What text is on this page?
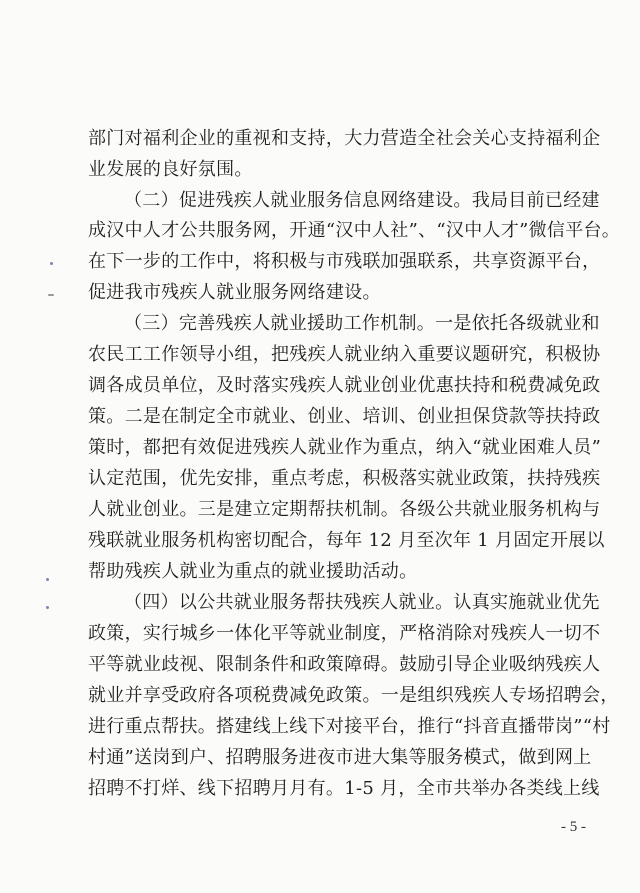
部门对福利企业的重视和支持，大力营造全社会关心支持福利企
业发展的良好氛围。
（二）促进残疾人就业服务信息网络建设。我局目前已经建
成汉中人才公共服务网，开通“汉中人社”、“汉中人才”微信平台。
在下一步的工作中，将积极与市残联加强联系，共享资源平台，
促进我市残疾人就业服务网络建设。
（三）完善残疾人就业援助工作机制。一是依托各级就业和
农民工工作领导小组，把残疾人就业纳入重要议题研究，积极协
调各成员单位，及时落实残疾人就业创业优惠扶持和税费减免政
策。二是在制定全市就业、创业、培训、创业担保贷款等扶持政
策时，都把有效促进残疾人就业作为重点，纳入“就业困难人员”
认定范围，优先安排，重点考虑，积极落实就业政策，扶持残疾
人就业创业。三是建立定期帮扶机制。各级公共就业服务机构与
残联就业服务机构密切配合，每年 12 月至次年 1 月固定开展以
帮助残疾人就业为重点的就业援助活动。
（四）以公共就业服务帮扶残疾人就业。认真实施就业优先
政策，实行城乡一体化平等就业制度，严格消除对残疾人一切不
平等就业歧视、限制条件和政策障碍。鼓励引导企业吸纳残疾人
就业并享受政府各项税费减免政策。一是组织残疾人专场招聘会，
进行重点帮扶。搭建线上线下对接平台，推行“抖音直播带岗”“村
村通”送岗到户、招聘服务进夜市进大集等服务模式，做到网上
招聘不打烊、线下招聘月月有。1-5 月，全市共举办各类线上线
- 5 -
